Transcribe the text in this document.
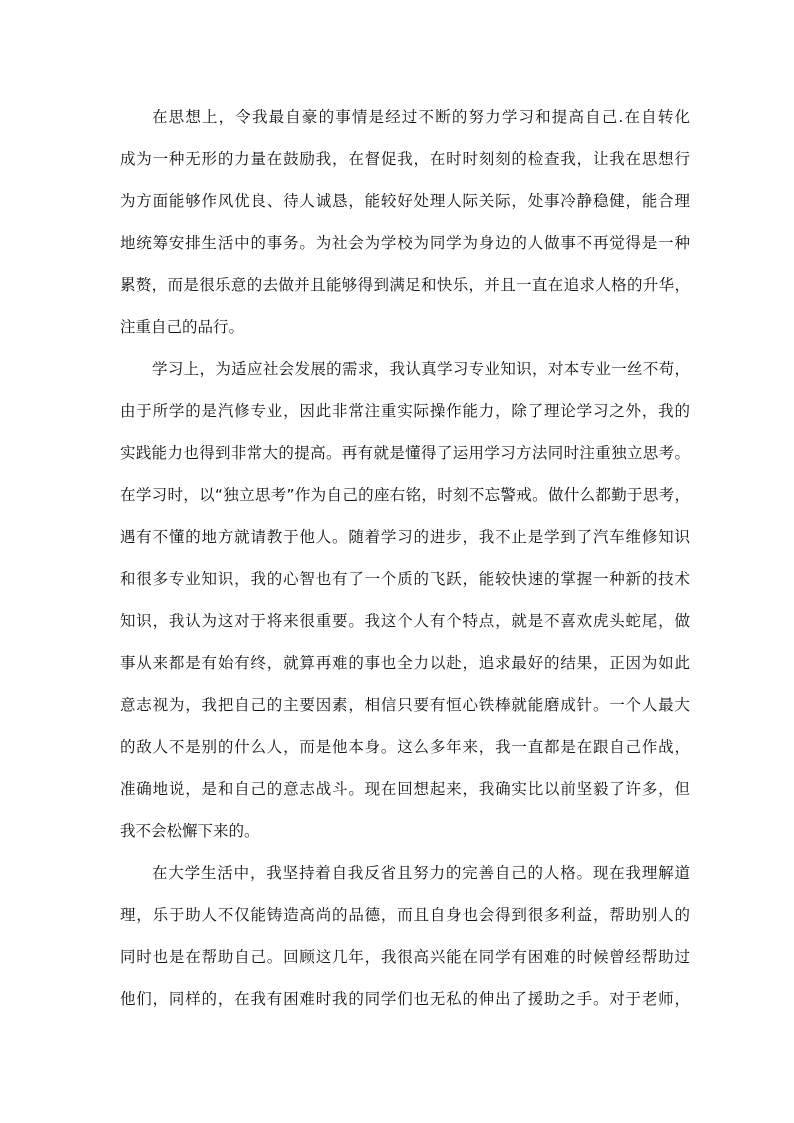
在思想上，令我最自豪的事情是经过不断的努力学习和提高自己.在自转化
成为一种无形的力量在鼓励我，在督促我，在时时刻刻的检查我，让我在思想行
为方面能够作风优良、待人诚恳，能较好处理人际关际，处事冷静稳健，能合理
地统筹安排生活中的事务。为社会为学校为同学为身边的人做事不再觉得是一种
累赘，而是很乐意的去做并且能够得到满足和快乐，并且一直在追求人格的升华，
注重自己的品行。
学习上，为适应社会发展的需求，我认真学习专业知识，对本专业一丝不苟，
由于所学的是汽修专业，因此非常注重实际操作能力，除了理论学习之外，我的
实践能力也得到非常大的提高。再有就是懂得了运用学习方法同时注重独立思考。
在学习时，以“独立思考”作为自己的座右铭，时刻不忘警戒。做什么都勤于思考，
遇有不懂的地方就请教于他人。随着学习的进步，我不止是学到了汽车维修知识
和很多专业知识，我的心智也有了一个质的飞跃，能较快速的掌握一种新的技术
知识，我认为这对于将来很重要。我这个人有个特点，就是不喜欢虎头蛇尾，做
事从来都是有始有终，就算再难的事也全力以赴，追求最好的结果，正因为如此
意志视为，我把自己的主要因素，相信只要有恒心铁棒就能磨成针。一个人最大
的敌人不是别的什么人，而是他本身。这么多年来，我一直都是在跟自己作战，
准确地说，是和自己的意志战斗。现在回想起来，我确实比以前坚毅了许多，但
我不会松懈下来的。
在大学生活中，我坚持着自我反省且努力的完善自己的人格。现在我理解道
理，乐于助人不仅能铸造高尚的品德，而且自身也会得到很多利益，帮助别人的
同时也是在帮助自己。回顾这几年，我很高兴能在同学有困难的时候曾经帮助过
他们，同样的，在我有困难时我的同学们也无私的伸出了援助之手。对于老师，
